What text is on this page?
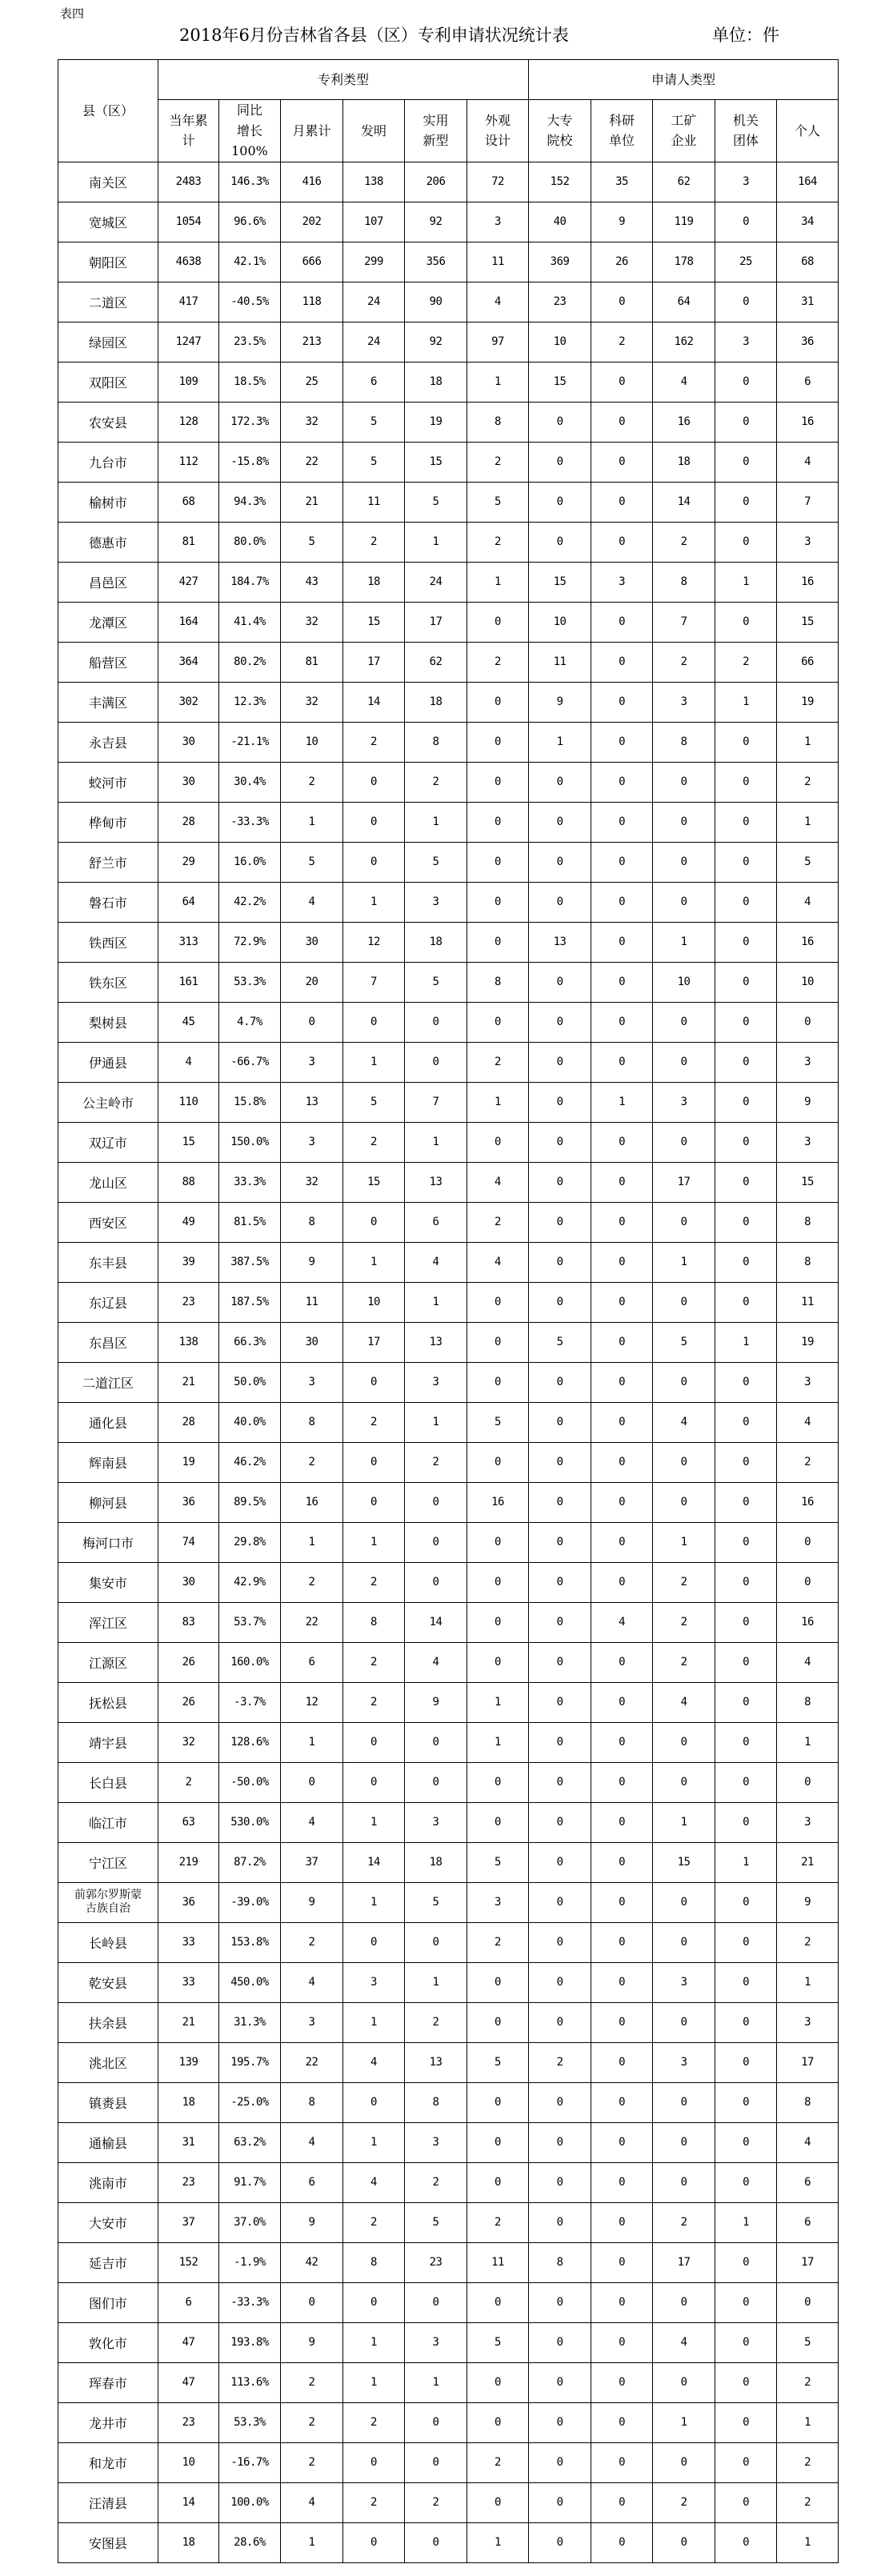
表四
2018年6月份吉林省各县（区）专利申请状况统计表	单位：件
县（区）	专利类型	申请人类型
当年累
计	同比
增长
100%	月累计	发明	实用
新型	外观
设计	大专
院校	科研
单位	工矿
企业	机关
团体	个人
南关区	2483	146.3%	416	138	206	72	152	35	62	3	164
宽城区	1054	96.6%	202	107	92	3	40	9	119	0	34
朝阳区	4638	42.1%	666	299	356	11	369	26	178	25	68
二道区	417	-40.5%	118	24	90	4	23	0	64	0	31
绿园区	1247	23.5%	213	24	92	97	10	2	162	3	36
双阳区	109	18.5%	25	6	18	1	15	0	4	0	6
农安县	128	172.3%	32	5	19	8	0	0	16	0	16
九台市	112	-15.8%	22	5	15	2	0	0	18	0	4
榆树市	68	94.3%	21	11	5	5	0	0	14	0	7
德惠市	81	80.0%	5	2	1	2	0	0	2	0	3
昌邑区	427	184.7%	43	18	24	1	15	3	8	1	16
龙潭区	164	41.4%	32	15	17	0	10	0	7	0	15
船营区	364	80.2%	81	17	62	2	11	0	2	2	66
丰满区	302	12.3%	32	14	18	0	9	0	3	1	19
永吉县	30	-21.1%	10	2	8	0	1	0	8	0	1
蛟河市	30	30.4%	2	0	2	0	0	0	0	0	2
桦甸市	28	-33.3%	1	0	1	0	0	0	0	0	1
舒兰市	29	16.0%	5	0	5	0	0	0	0	0	5
磐石市	64	42.2%	4	1	3	0	0	0	0	0	4
铁西区	313	72.9%	30	12	18	0	13	0	1	0	16
铁东区	161	53.3%	20	7	5	8	0	0	10	0	10
梨树县	45	4.7%	0	0	0	0	0	0	0	0	0
伊通县	4	-66.7%	3	1	0	2	0	0	0	0	3
公主岭市	110	15.8%	13	5	7	1	0	1	3	0	9
双辽市	15	150.0%	3	2	1	0	0	0	0	0	3
龙山区	88	33.3%	32	15	13	4	0	0	17	0	15
西安区	49	81.5%	8	0	6	2	0	0	0	0	8
东丰县	39	387.5%	9	1	4	4	0	0	1	0	8
东辽县	23	187.5%	11	10	1	0	0	0	0	0	11
东昌区	138	66.3%	30	17	13	0	5	0	5	1	19
二道江区	21	50.0%	3	0	3	0	0	0	0	0	3
通化县	28	40.0%	8	2	1	5	0	0	4	0	4
辉南县	19	46.2%	2	0	2	0	0	0	0	0	2
柳河县	36	89.5%	16	0	0	16	0	0	0	0	16
梅河口市	74	29.8%	1	1	0	0	0	0	1	0	0
集安市	30	42.9%	2	2	0	0	0	0	2	0	0
浑江区	83	53.7%	22	8	14	0	0	4	2	0	16
江源区	26	160.0%	6	2	4	0	0	0	2	0	4
抚松县	26	-3.7%	12	2	9	1	0	0	4	0	8
靖宇县	32	128.6%	1	0	0	1	0	0	0	0	1
长白县	2	-50.0%	0	0	0	0	0	0	0	0	0
临江市	63	530.0%	4	1	3	0	0	0	1	0	3
宁江区	219	87.2%	37	14	18	5	0	0	15	1	21
前郭尔罗斯蒙
古族自治	36	-39.0%	9	1	5	3	0	0	0	0	9
长岭县	33	153.8%	2	0	0	2	0	0	0	0	2
乾安县	33	450.0%	4	3	1	0	0	0	3	0	1
扶余县	21	31.3%	3	1	2	0	0	0	0	0	3
洮北区	139	195.7%	22	4	13	5	2	0	3	0	17
镇赉县	18	-25.0%	8	0	8	0	0	0	0	0	8
通榆县	31	63.2%	4	1	3	0	0	0	0	0	4
洮南市	23	91.7%	6	4	2	0	0	0	0	0	6
大安市	37	37.0%	9	2	5	2	0	0	2	1	6
延吉市	152	-1.9%	42	8	23	11	8	0	17	0	17
图们市	6	-33.3%	0	0	0	0	0	0	0	0	0
敦化市	47	193.8%	9	1	3	5	0	0	4	0	5
珲春市	47	113.6%	2	1	1	0	0	0	0	0	2
龙井市	23	53.3%	2	2	0	0	0	0	1	0	1
和龙市	10	-16.7%	2	0	0	2	0	0	0	0	2
汪清县	14	100.0%	4	2	2	0	0	0	2	0	2
安图县	18	28.6%	1	0	0	1	0	0	0	0	1
